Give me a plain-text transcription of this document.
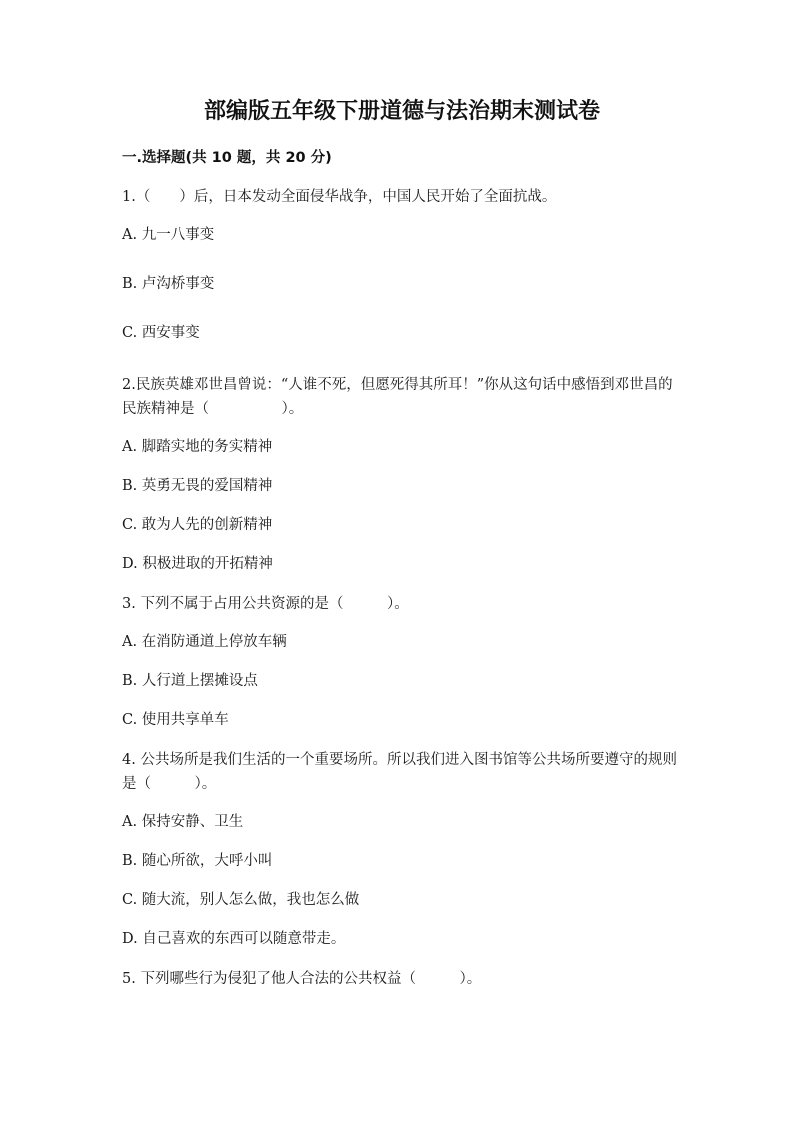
部编版五年级下册道德与法治期末测试卷
一.选择题(共 10 题，共 20 分)
1.（　　）后，日本发动全面侵华战争，中国人民开始了全面抗战。
A. 九一八事变
B. 卢沟桥事变
C. 西安事变
2.民族英雄邓世昌曾说：“人谁不死，但愿死得其所耳！”你从这句话中感悟到邓世昌的民族精神是（　　　　　）。
A. 脚踏实地的务实精神
B. 英勇无畏的爱国精神
C. 敢为人先的创新精神
D. 积极进取的开拓精神
3. 下列不属于占用公共资源的是（　　　）。
A. 在消防通道上停放车辆
B. 人行道上摆摊设点
C. 使用共享单车
4. 公共场所是我们生活的一个重要场所。所以我们进入图书馆等公共场所要遵守的规则是（　　　）。
A. 保持安静、卫生
B. 随心所欲，大呼小叫
C. 随大流，别人怎么做，我也怎么做
D. 自己喜欢的东西可以随意带走。
5. 下列哪些行为侵犯了他人合法的公共权益（　　　）。
